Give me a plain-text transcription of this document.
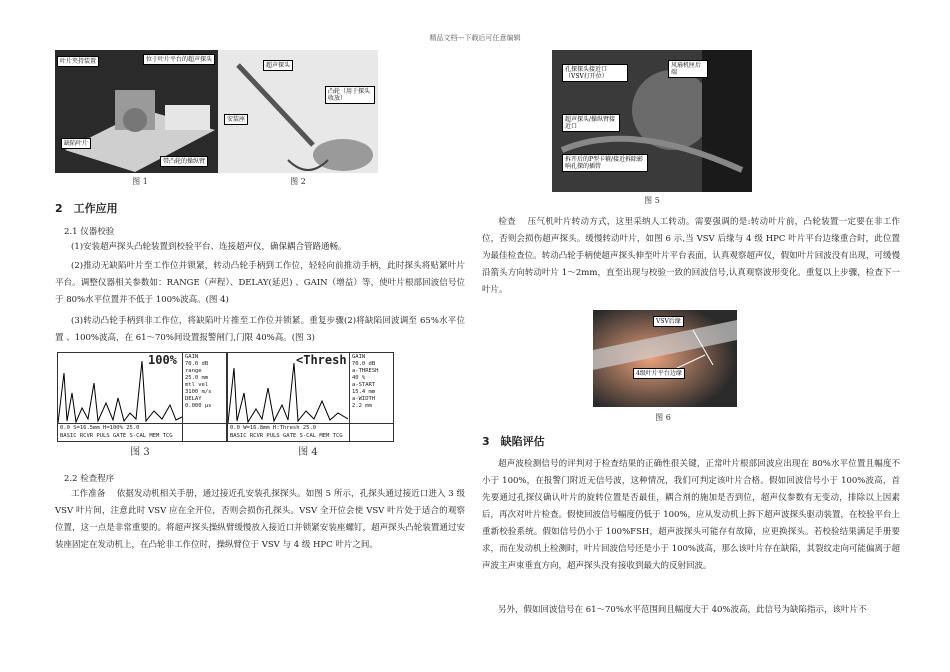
精品文档---下载后可任意编辑
叶片夹持装置	位于叶片平台的超声探头
缺陷叶片
带凸轮的操纵臂
图 1
超声探头
凸轮（用于探头收放）
安装座
图 2
2　工作应用
2.1 仪器校验

(1)安装超声探头凸轮装置到校验平台、连接超声仪，确保耦合管路通畅。

(2)推动无缺陷叶片至工作位并锁紧，转动凸轮手柄到工作位，轻轻向前推动手柄，此时探头将贴紧叶片平台。调整仪器相关参数如：RANGE（声程）、DELAY(延迟) 、GAIN（增益）等，使叶片根部回波信号位于 80%水平位置并不低于 100%波高。(图 4)

(3)转动凸轮手柄到非工作位，将缺陷叶片推至工作位并锁紧。重复步骤(2)将缺陷回波调至 65%水平位置 、100%波高，在 61～70%间设置报警闸门,门限 40%高。(图 3)

100% GAIN
70.0 dB
range
25.0 mm
mtl vel
3100 m/s
DELAY
0.000 µs
0.0 S=16.5mm H=100% 25.0
BASIC RCVR PULS GATE S-CAL MEM TCG
图 3
<Thresh GAIN
70.0 dB
a-THRESH
40 %
a-START
15.4 mm
a-WIDTH
2.2 mm
0.0 W=16.8mm H:Thresh 25.0
BASIC RCVR PULS GATE S-CAL MEM TCG
图 4
2.2 检查程序

工作准备　 依据发动机相关手册，通过接近孔安装孔探探头。如图 5 所示，孔探头通过接近口进入 3 级 VSV 叶片间，注意此时 VSV 应在全开位，否则会损伤孔探头。VSV 全开位会使 VSV 叶片处于适合的观察位置，这一点是非常重要的。将超声探头操纵臂缓慢放入接近口并锁紧安装座螺钉，超声探头凸轮装置通过安装座固定在发动机上，在凸轮非工作位时，操纵臂位于 VSV 与 4 级 HPC 叶片之间。

孔探探头接近口（VSV打开位）
风扇机匣后端
超声探头/操纵臂接近口
拆开后的P型卡箍/接近拆除影响孔探的插管
图 5

检查　 压气机叶片转动方式，这里采纳人工转动。需要强调的是:转动叶片前，凸轮装置一定要在非工作位，否则会损伤超声探头。缓慢转动叶片，如图 6 示,当 VSV 后缘与 4 级 HPC 叶片平台边缘重合时，此位置为最佳检查位。转动凸轮手柄使超声探头伸至叶片平台表面，认真观察超声仪，假如叶片回波没有出现，可缓慢沿箭头方向转动叶片 1～2mm，直至出现与校验一致的回波信号,认真观察波形变化。重复以上步骤，检查下一叶片。

VSV后缘
4级叶片平台边缘
图 6
3　缺陷评估

超声波检测信号的评判对于检查结果的正确性很关键，正常叶片根部回波应出现在 80%水平位置且幅度不小于 100%，在报警门附近无信号波，这种情况，我们可判定该叶片合格。假如回波信号小于 100%波高，首先要通过孔探仪确认叶片的旋转位置是否最佳，耦合剂的施加是否到位，超声仪参数有无变动，排除以上因素后，再次对叶片检查。假使回波信号幅度仍低于 100%，应从发动机上拆下超声波探头驱动装置，在校验平台上重新校验系统。假如信号仍小于 100%FSH，超声波探头可能存有故障，应更换探头。若校验结果满足手册要求，而在发动机上检测时，叶片回波信号还是小于 100%波高，那么该叶片存在缺陷，其裂纹走向可能偏离于超声波主声束垂直方向，超声探头没有接收到最大的反射回波。

另外，假如回波信号在 61～70%水平范围间且幅度大于 40%波高，此信号为缺陷指示，该叶片不
